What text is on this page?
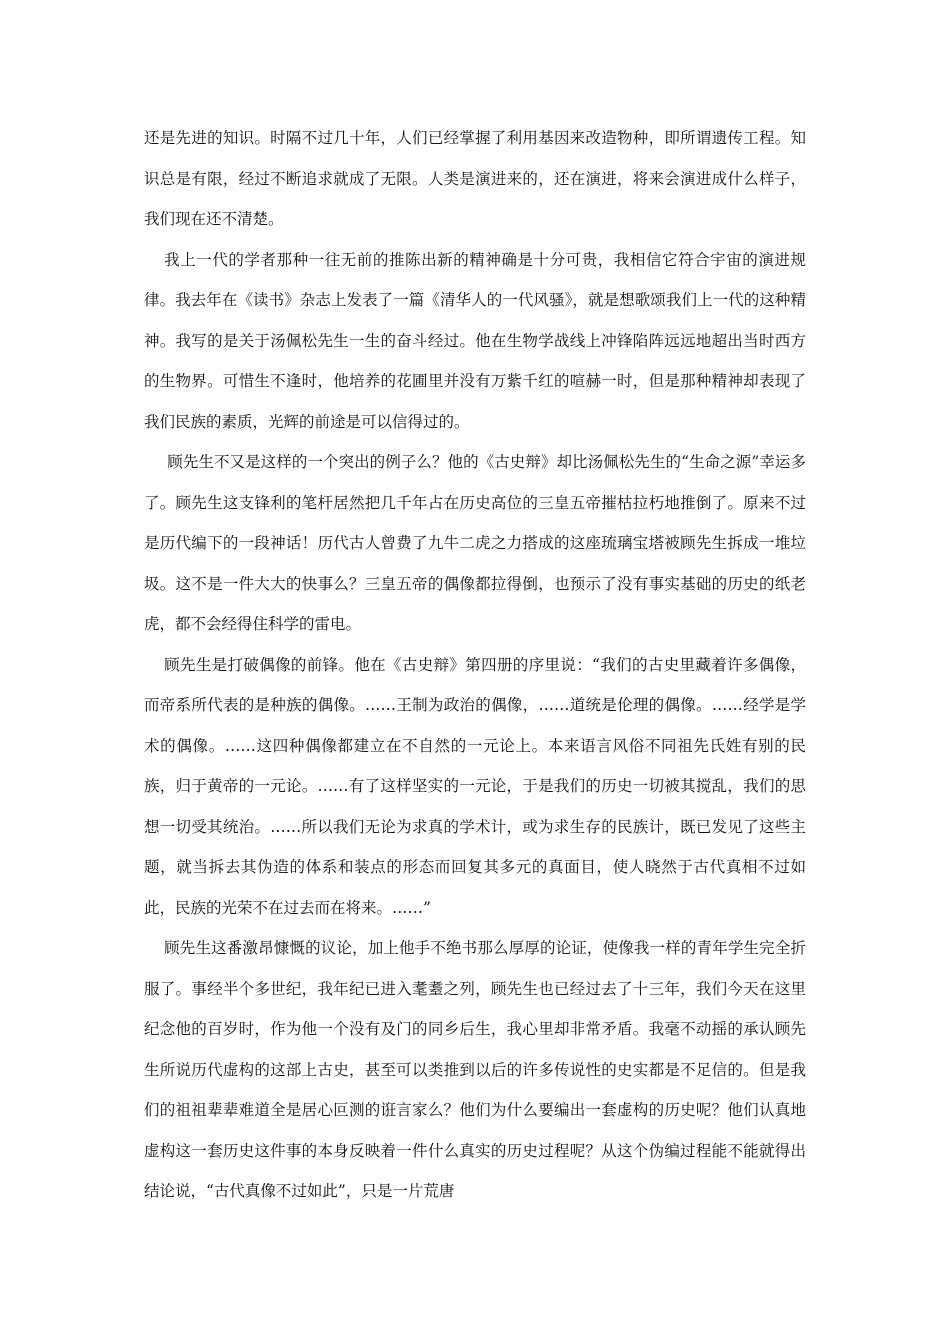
还是先进的知识。时隔不过几十年，人们已经掌握了利用基因来改造物种，即所谓遗传工程。知识总是有限，经过不断追求就成了无限。人类是演进来的，还在演进，将来会演进成什么样子，我们现在还不清楚。

我上一代的学者那种一往无前的推陈出新的精神确是十分可贵，我相信它符合宇宙的演进规律。我去年在《读书》杂志上发表了一篇《清华人的一代风骚》，就是想歌颂我们上一代的这种精神。我写的是关于汤佩松先生一生的奋斗经过。他在生物学战线上冲锋陷阵远远地超出当时西方的生物界。可惜生不逢时，他培养的花圃里并没有万紫千红的喧赫一时，但是那种精神却表现了我们民族的素质，光辉的前途是可以信得过的。

顾先生不又是这样的一个突出的例子么？他的《古史辩》却比汤佩松先生的“生命之源”幸运多了。顾先生这支锋利的笔杆居然把几千年占在历史高位的三皇五帝摧枯拉朽地推倒了。原来不过是历代编下的一段神话！历代古人曾费了九牛二虎之力搭成的这座琉璃宝塔被顾先生拆成一堆垃圾。这不是一件大大的快事么？三皇五帝的偶像都拉得倒，也预示了没有事实基础的历史的纸老虎，都不会经得住科学的雷电。

顾先生是打破偶像的前锋。他在《古史辩》第四册的序里说：“我们的古史里藏着许多偶像，而帝系所代表的是种族的偶像。……王制为政治的偶像，……道统是伦理的偶像。……经学是学术的偶像。……这四种偶像都建立在不自然的一元论上。本来语言风俗不同祖先氏姓有别的民族，归于黄帝的一元论。……有了这样坚实的一元论，于是我们的历史一切被其搅乱，我们的思想一切受其统治。……所以我们无论为求真的学术计，或为求生存的民族计，既已发见了这些主题，就当拆去其伪造的体系和装点的形态而回复其多元的真面目，使人晓然于古代真相不过如此，民族的光荣不在过去而在将来。……”

顾先生这番激昂慷慨的议论，加上他手不绝书那么厚厚的论证，使像我一样的青年学生完全折服了。事经半个多世纪，我年纪已进入耄耋之列，顾先生也已经过去了十三年，我们今天在这里纪念他的百岁时，作为他一个没有及门的同乡后生，我心里却非常矛盾。我毫不动摇的承认顾先生所说历代虚构的这部上古史，甚至可以类推到以后的许多传说性的史实都是不足信的。但是我们的祖祖辈辈难道全是居心叵测的诳言家么？他们为什么要编出一套虚构的历史呢？他们认真地虚构这一套历史这件事的本身反映着一件什么真实的历史过程呢？从这个伪编过程能不能就得出结论说，“古代真像不过如此”，只是一片荒唐
